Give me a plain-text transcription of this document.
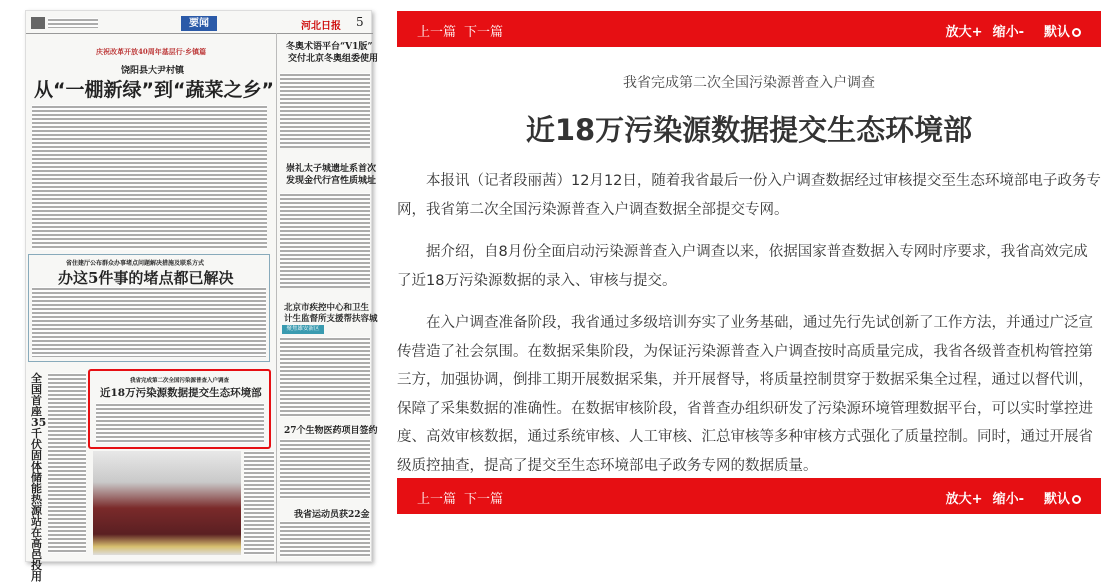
要闻	河北日报 5
庆祝改革开放40周年基层行·乡镇篇
饶阳县大尹村镇
从“一棚新绿”到“蔬菜之乡”
省住建厅公布群众办事堵点问题解决措施及联系方式
办这5件事的堵点都已解决
全国首座35千伏固体储能热源站在高邑投用
我省完成第二次全国污染源普查入户调查
近18万污染源数据提交生态环境部
冬奥术语平台“V1版”
交付北京冬奥组委使用
崇礼太子城遗址系首次
发现金代行宫性质城址
北京市疾控中心和卫生
计生监督所支援帮扶容城
聚焦雄安新区
27个生物医药项目签约
我省运动员获22金
上一篇 下一篇	放大+ 缩小- 默认
我省完成第二次全国污染源普查入户调查
近18万污染源数据提交生态环境部

本报讯（记者段丽茜）12月12日，随着我省最后一份入户调查数据经过审核提交至生态环境部电子政务专网，我省第二次全国污染源普查入户调查数据全部提交专网。

据介绍，自8月份全面启动污染源普查入户调查以来，依据国家普查数据入专网时序要求，我省高效完成了近18万污染源数据的录入、审核与提交。

在入户调查准备阶段，我省通过多级培训夯实了业务基础，通过先行先试创新了工作方法，并通过广泛宣传营造了社会氛围。在数据采集阶段，为保证污染源普查入户调查按时高质量完成，我省各级普查机构管控第三方，加强协调，倒排工期开展数据采集，并开展督导，将质量控制贯穿于数据采集全过程，通过以督代训，保障了采集数据的准确性。在数据审核阶段，省普查办组织研发了污染源环境管理数据平台，可以实时掌控进度、高效审核数据，通过系统审核、人工审核、汇总审核等多种审核方式强化了质量控制。同时，通过开展省级质控抽查，提高了提交至生态环境部电子政务专网的数据质量。

上一篇 下一篇	放大+ 缩小- 默认
